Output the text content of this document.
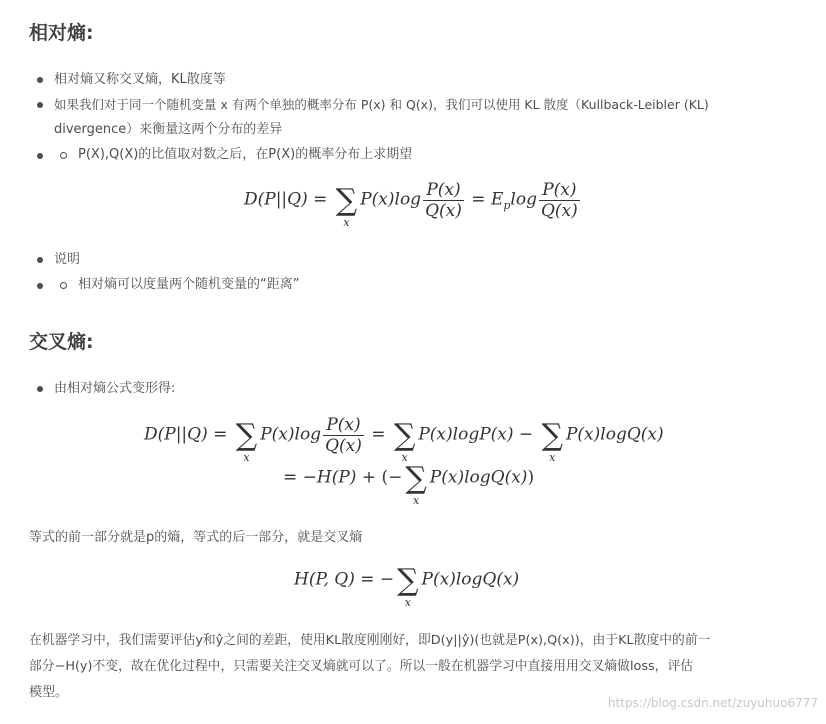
相对熵:
相对熵又称交叉熵，KL散度等
如果我们对于同一个随机变量 x 有两个单独的概率分布 P(x) 和 Q(x)，我们可以使用 KL 散度（Kullback-Leibler (KL)
divergence）来衡量这两个分布的差异
P(X),Q(X)的比值取对数之后，在P(X)的概率分布上求期望
D(P||Q) = ∑
x
$P(x)\log \frac{P(x)}{Q(x)} = E_p\log \frac{P(x)}{Q(x)}$
说明
相对熵可以度量两个随机变量的“距离”
交叉熵:
由相对熵公式变形得:
D(P||Q) = ∑
x
$P(x)\log \frac{P(x)}{Q(x)}$ = ∑
x
P(x)logP(x) − ∑
x
P(x)logQ(x)
= −H(P) + (− ∑
x
P(x)logQ(x))
等式的前一部分就是p的熵，等式的后一部分，就是交叉熵
H(P, Q) = − ∑
x
P(x)logQ(x)
在机器学习中，我们需要评估y和ŷ之间的差距，使用KL散度刚刚好，即D(y||ŷ)(也就是P(x),Q(x))，由于KL散度中的前一
部分−H(y)不变，故在优化过程中，只需要关注交叉熵就可以了。所以一般在机器学习中直接用用交叉熵做loss，评估
模型。
https://blog.csdn.net/zuyuhuo6777
